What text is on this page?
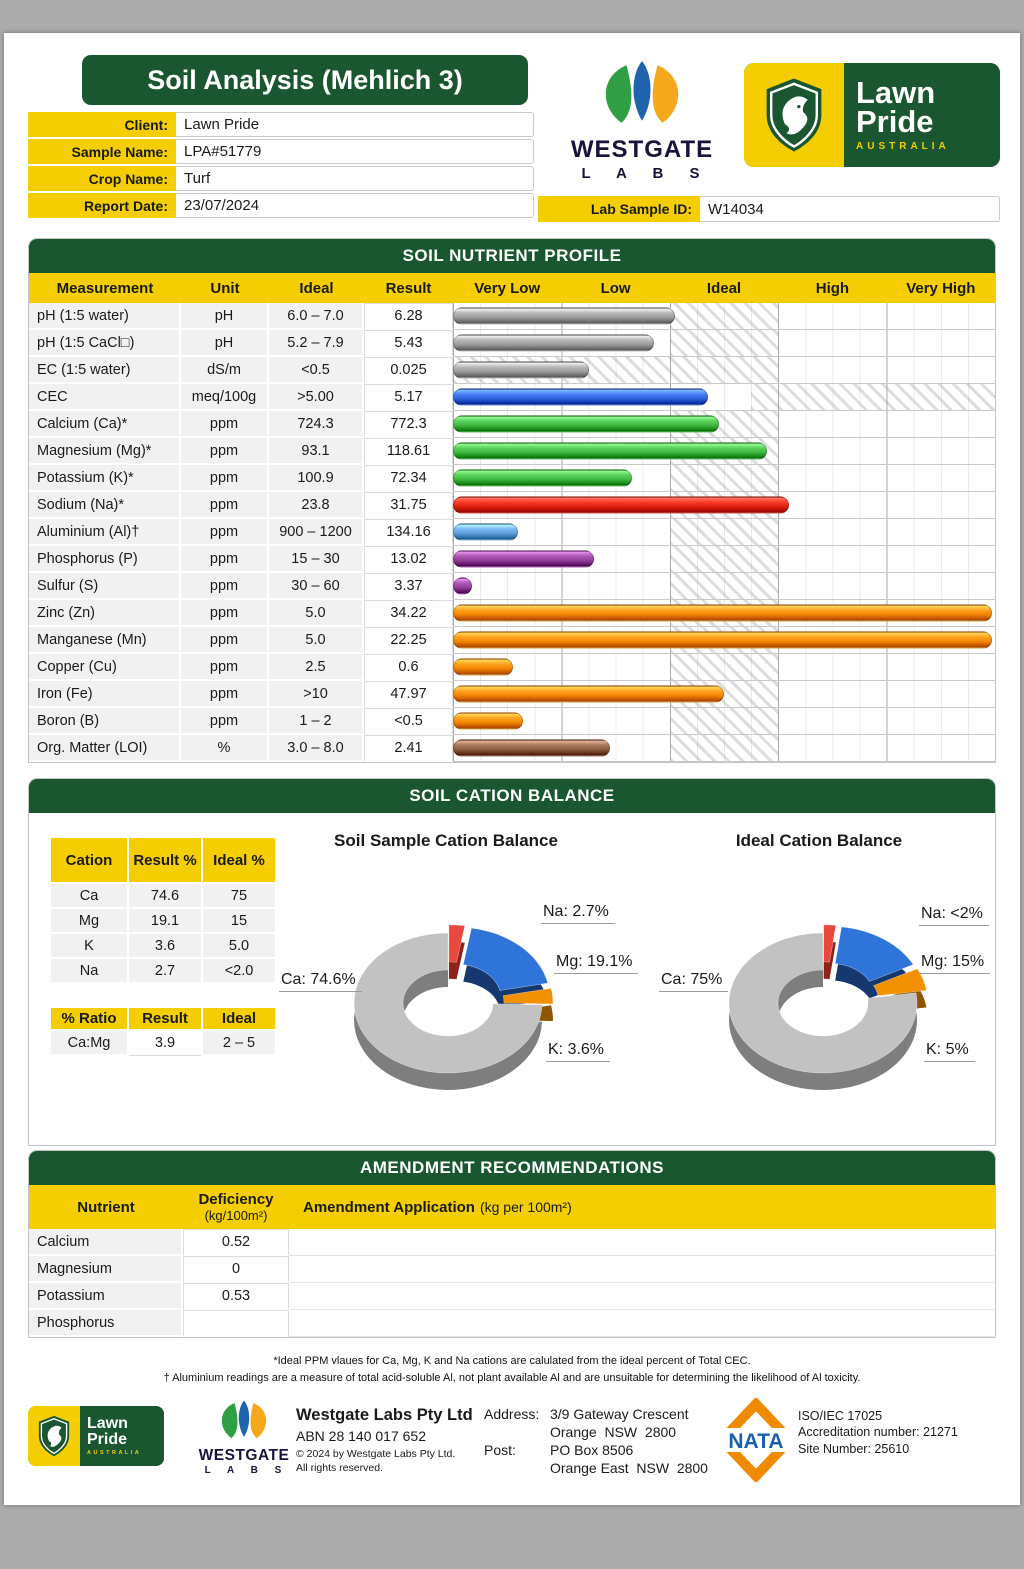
Soil Analysis (Mehlich 3)
Client:	Lawn Pride
Sample Name:	LPA#51779
Crop Name:	Turf
Report Date:	23/07/2024
WESTGATE
L A B S
Lawn
Pride
AUSTRALIA
Lab Sample ID:	W14034
SOIL NUTRIENT PROFILE
Measurement	Unit	Ideal	Result	Very Low	Low	Ideal	High	Very High
pH (1:5 water)	pH	6.0 – 7.0	6.28
pH (1:5 CaCl□)	pH	5.2 – 7.9	5.43
EC (1:5 water)	dS/m	<0.5	0.025
CEC	meq/100g	>5.00	5.17
Calcium (Ca)*	ppm	724.3	772.3
Magnesium (Mg)*	ppm	93.1	118.61
Potassium (K)*	ppm	100.9	72.34
Sodium (Na)*	ppm	23.8	31.75
Aluminium (Al)†	ppm	900 – 1200	134.16
Phosphorus (P)	ppm	15 – 30	13.02
Sulfur (S)	ppm	30 – 60	3.37
Zinc (Zn)	ppm	5.0	34.22
Manganese (Mn)	ppm	5.0	22.25
Copper (Cu)	ppm	2.5	0.6
Iron (Fe)	ppm	>10	47.97
Boron (B)	ppm	1 – 2	<0.5
Org. Matter (LOI)	%	3.0 – 8.0	2.41
SOIL CATION BALANCE
Cation	Result %	Ideal %
Ca	74.6	75
Mg	19.1	15
K	3.6	5.0
Na	2.7	<2.0
% Ratio	Result	Ideal
Ca:Mg	3.9	2 – 5
Soil Sample Cation Balance
Ca: 74.6%
Na: 2.7%
Mg: 19.1%
K: 3.6%
Ideal Cation Balance
Ca: 75%
Na: <2%
Mg: 15%
K: 5%
AMENDMENT RECOMMENDATIONS
Nutrient	Deficiency
(kg/100m²) Amendment Application (kg per 100m²)
Calcium	0.52
Magnesium	0
Potassium	0.53
Phosphorus
*Ideal PPM vlaues for Ca, Mg, K and Na cations are calulated from the ideal percent of Total CEC.
† Aluminium readings are a measure of total acid-soluble Al, not plant available Al and are unsuitable for determining the likelihood of Al toxicity.
Lawn
Pride
AUSTRALIA	WESTGATE
L A B S
Westgate Labs Pty Ltd
ABN 28 140 017 652
© 2024 by Westgate Labs Pty Ltd.
All rights reserved.
Address: 3/9 Gateway Crescent
Orange  NSW  2800
Post:	PO Box 8506
Orange East  NSW  2800
NATA
ISO/IEC 17025
Accreditation number: 21271
Site Number: 25610
